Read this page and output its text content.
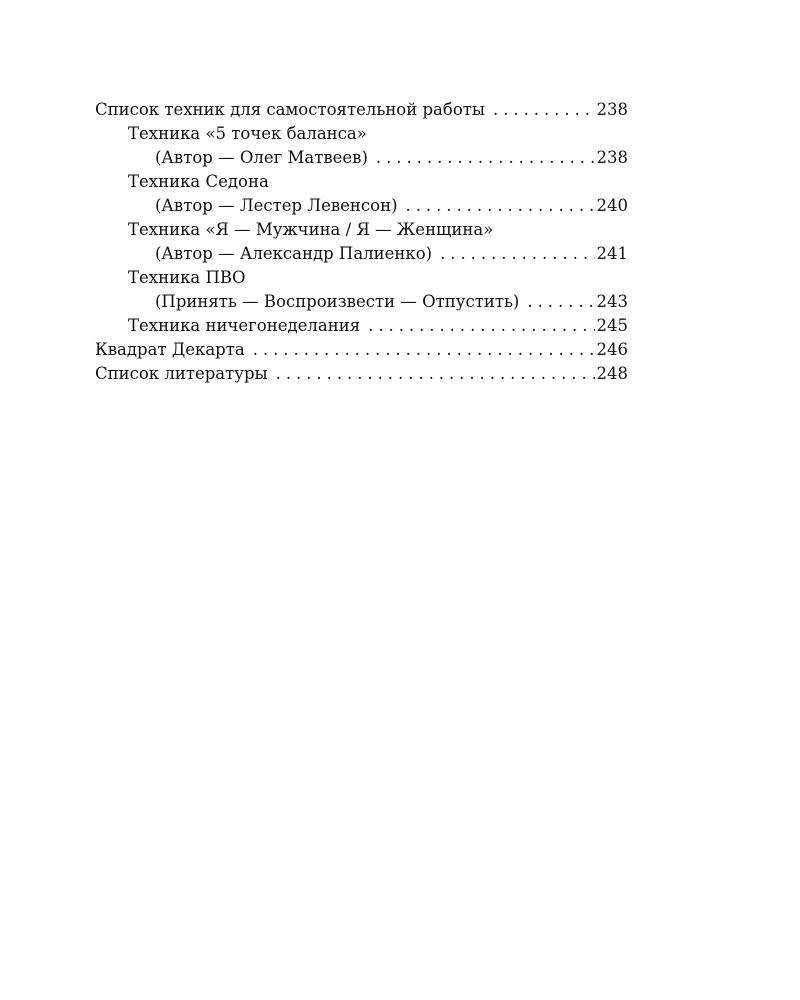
Список техник для самостоятельной работы .....	238
Техника «5 точек баланса»
(Автор — Олег Матвеев) .....	238
Техника Седона
(Автор — Лестер Левенсон) .....	240
Техника «Я — Мужчина / Я — Женщина»
(Автор — Александр Палиенко) .....	241
Техника ПВО
(Принять — Воспроизвести — Отпустить) .....	243
Техника ничегонеделания .....	245
Квадрат Декарта .....	246
Список литературы .....	248
